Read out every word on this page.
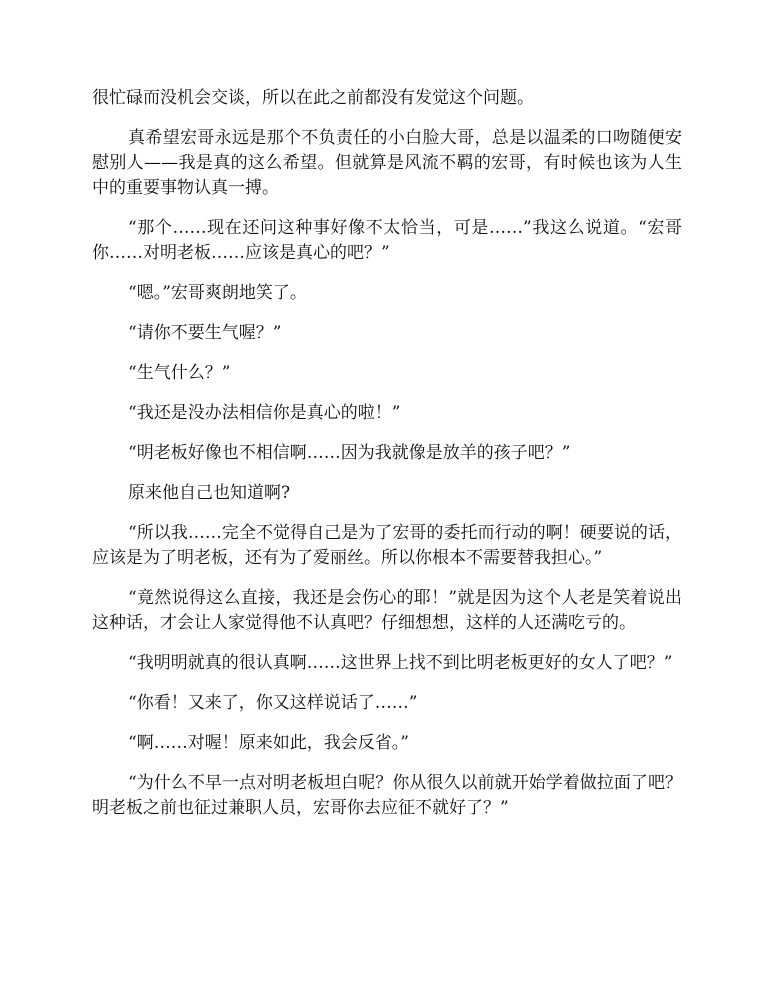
很忙碌而没机会交谈，所以在此之前都没有发觉这个问题。

真希望宏哥永远是那个不负责任的小白脸大哥，总是以温柔的口吻随便安慰别人——我是真的这么希望。但就算是风流不羁的宏哥，有时候也该为人生中的重要事物认真一搏。

“那个……现在还问这种事好像不太恰当，可是……”我这么说道。“宏哥你……对明老板……应该是真心的吧？”

“嗯。”宏哥爽朗地笑了。

“请你不要生气喔？”

“生气什么？”

“我还是没办法相信你是真心的啦！”

“明老板好像也不相信啊……因为我就像是放羊的孩子吧？”

原来他自己也知道啊?

“所以我……完全不觉得自己是为了宏哥的委托而行动的啊！硬要说的话，应该是为了明老板，还有为了爱丽丝。所以你根本不需要替我担心。”

“竟然说得这么直接，我还是会伤心的耶！”就是因为这个人老是笑着说出这种话，才会让人家觉得他不认真吧？仔细想想，这样的人还满吃亏的。

“我明明就真的很认真啊……这世界上找不到比明老板更好的女人了吧？”

“你看！又来了，你又这样说话了……”

“啊……对喔！原来如此，我会反省。”

“为什么不早一点对明老板坦白呢？你从很久以前就开始学着做拉面了吧？明老板之前也征过兼职人员，宏哥你去应征不就好了？”
